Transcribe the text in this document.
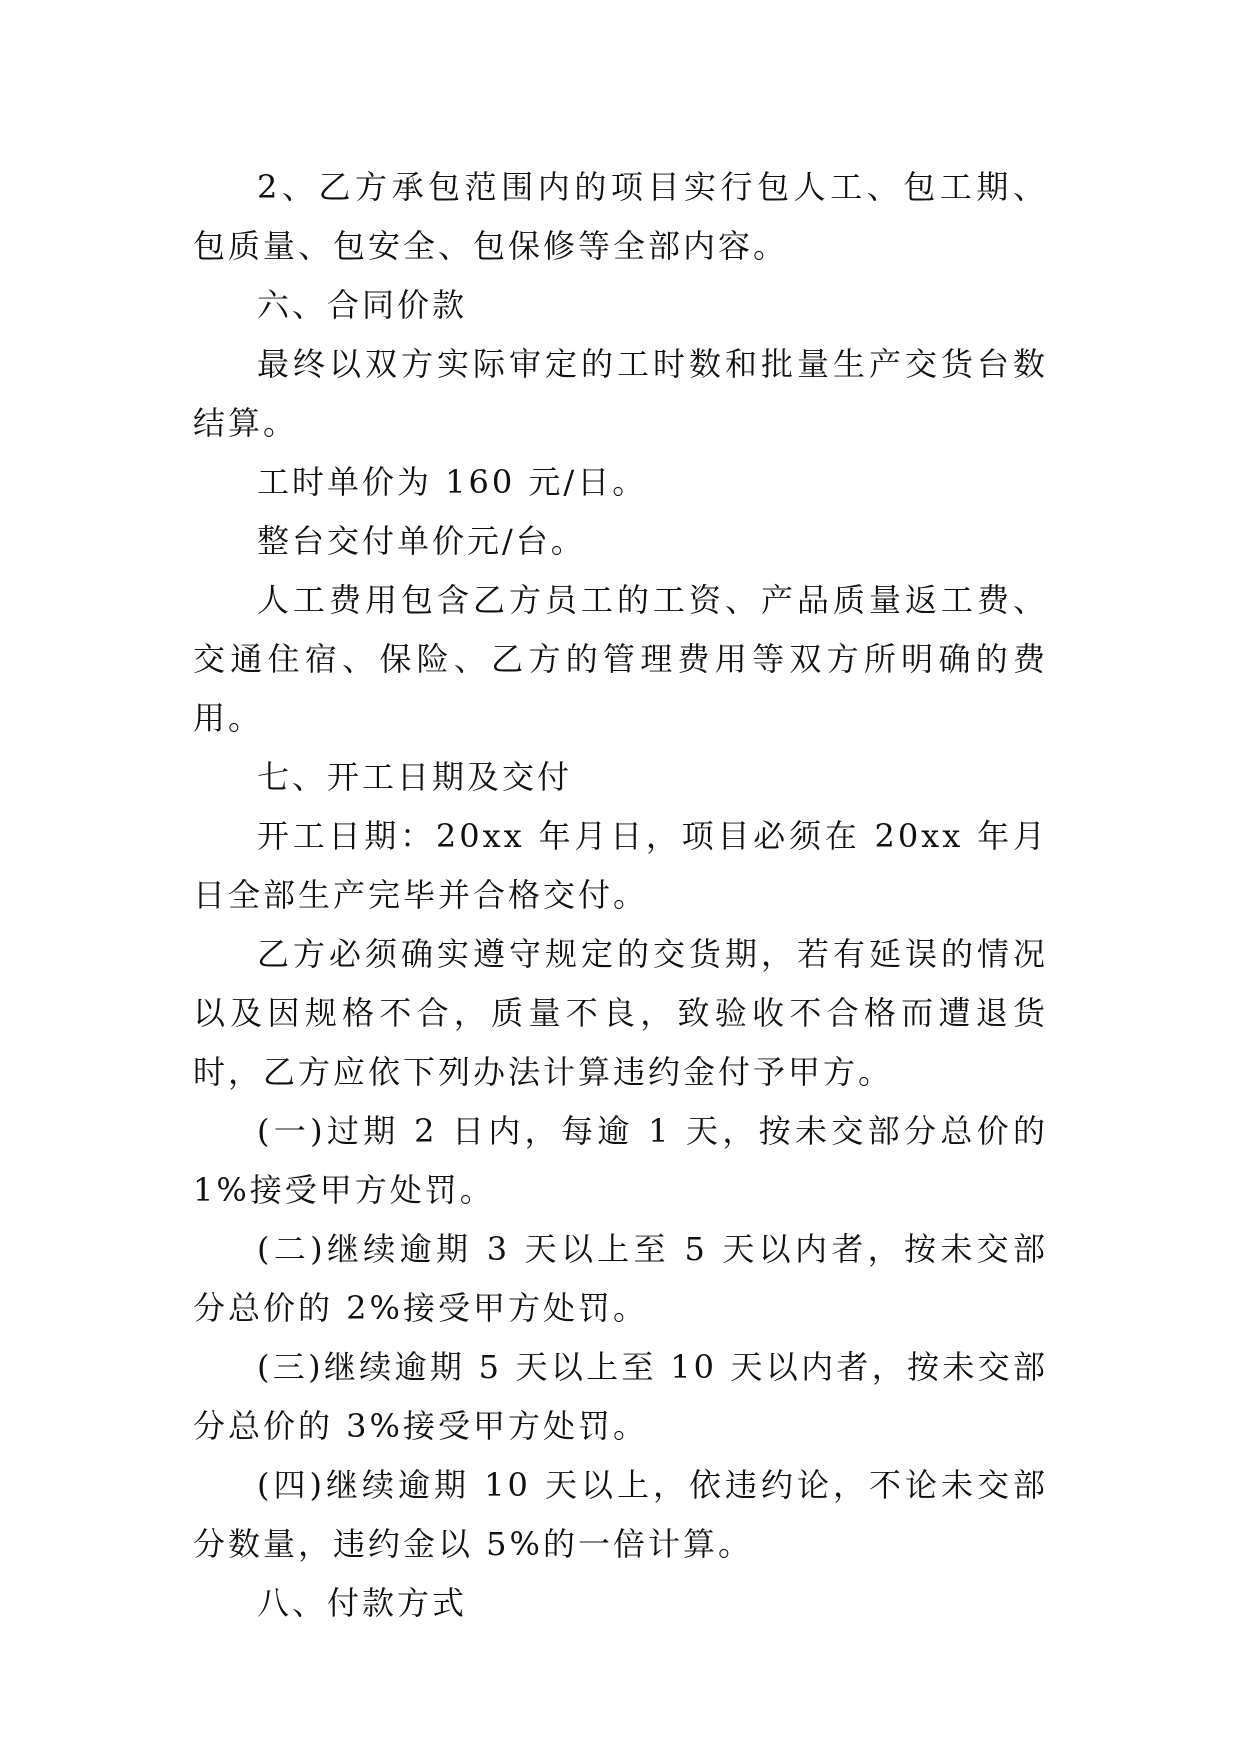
2、乙方承包范围内的项目实行包人工、包工期、包质量、包安全、包保修等全部内容。

六、合同价款

最终以双方实际审定的工时数和批量生产交货台数结算。

工时单价为 160 元/日。

整台交付单价元/台。

人工费用包含乙方员工的工资、产品质量返工费、交通住宿、保险、乙方的管理费用等双方所明确的费用。

七、开工日期及交付

开工日期：20xx 年月日，项目必须在 20xx 年月日全部生产完毕并合格交付。

乙方必须确实遵守规定的交货期，若有延误的情况以及因规格不合，质量不良，致验收不合格而遭退货时，乙方应依下列办法计算违约金付予甲方。

(一)过期 2 日内，每逾 1 天，按未交部分总价的 1%接受甲方处罚。

(二)继续逾期 3 天以上至 5 天以内者，按未交部分总价的 2%接受甲方处罚。

(三)继续逾期 5 天以上至 10 天以内者，按未交部分总价的 3%接受甲方处罚。

(四)继续逾期 10 天以上，依违约论，不论未交部分数量，违约金以 5%的一倍计算。

八、付款方式
